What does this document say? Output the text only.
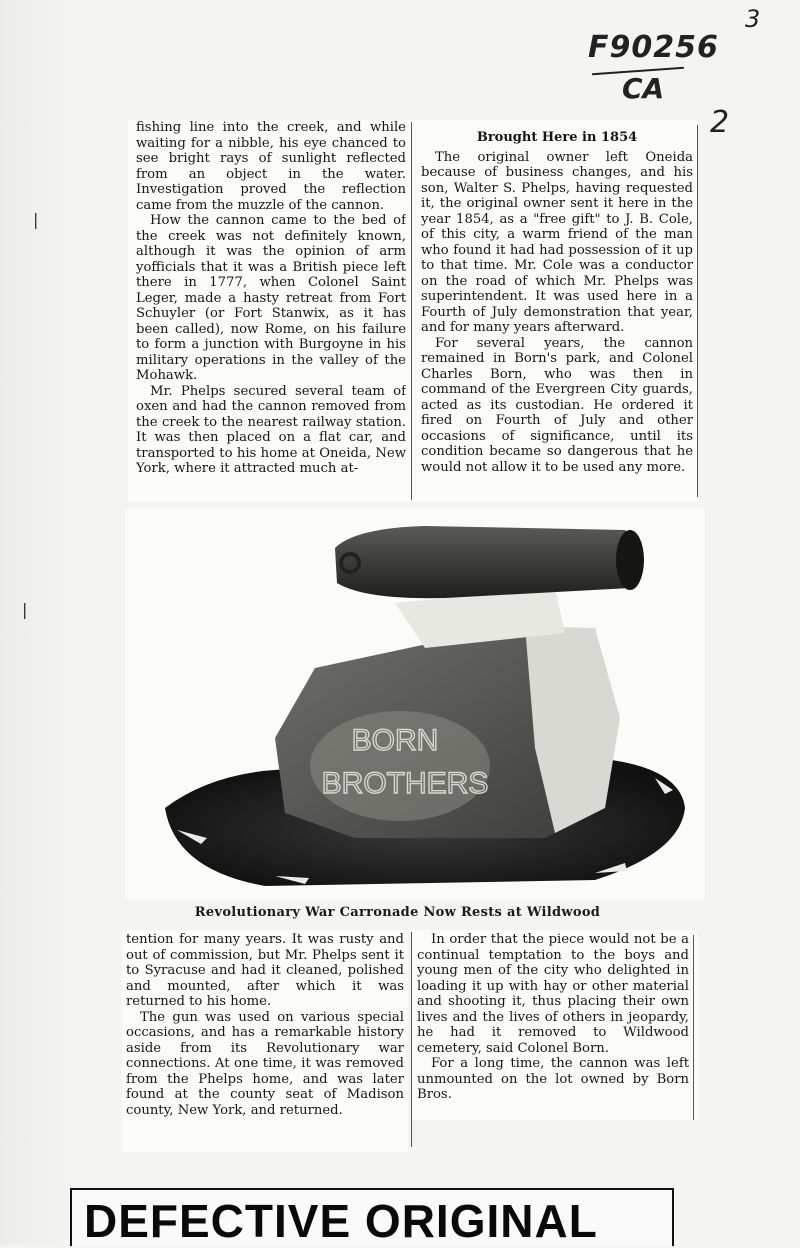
3
F90256
CA
2
|
|

fishing line into the creek, and while waiting for a nibble, his eye chanced to see bright rays of sunlight reflected from an object in the water. Investigation proved the reflection came from the muzzle of the cannon.

How the cannon came to the bed of the creek was not definitely known, although it was the opinion of arm yofficials that it was a British piece left there in 1777, when Colonel Saint Leger, made a hasty retreat from Fort Schuyler (or Fort Stanwix, as it has been called), now Rome, on his failure to form a junction with Burgoyne in his military operations in the valley of the Mohawk.

Mr. Phelps secured several team of oxen and had the cannon removed from the creek to the nearest railway station. It was then placed on a flat car, and transported to his home at Oneida, New York, where it attracted much at-

Brought Here in 1854

The original owner left Oneida because of business changes, and his son, Walter S. Phelps, having requested it, the original owner sent it here in the year 1854, as a "free gift" to J. B. Cole, of this city, a warm friend of the man who found it had had possession of it up to that time. Mr. Cole was a conductor on the road of which Mr. Phelps was superintendent. It was used here in a Fourth of July demonstration that year, and for many years afterward.

For several years, the cannon remained in Born's park, and Colonel Charles Born, who was then in command of the Evergreen City guards, acted as its custodian. He ordered it fired on Fourth of July and other occasions of significance, until its condition became so dangerous that he would not allow it to be used any more.

BORN
BROTHERS
Revolutionary War Carronade Now Rests at Wildwood

tention for many years. It was rusty and out of commission, but Mr. Phelps sent it to Syracuse and had it cleaned, polished and mounted, after which it was returned to his home.

The gun was used on various special occasions, and has a remarkable history aside from its Revolutionary war connections. At one time, it was removed from the Phelps home, and was later found at the county seat of Madison county, New York, and returned.

In order that the piece would not be a continual temptation to the boys and young men of the city who delighted in loading it up with hay or other material and shooting it, thus placing their own lives and the lives of others in jeopardy, he had it removed to Wildwood cemetery, said Colonel Born.

For a long time, the cannon was left unmounted on the lot owned by Born Bros.

DEFECTIVE ORIGINAL
